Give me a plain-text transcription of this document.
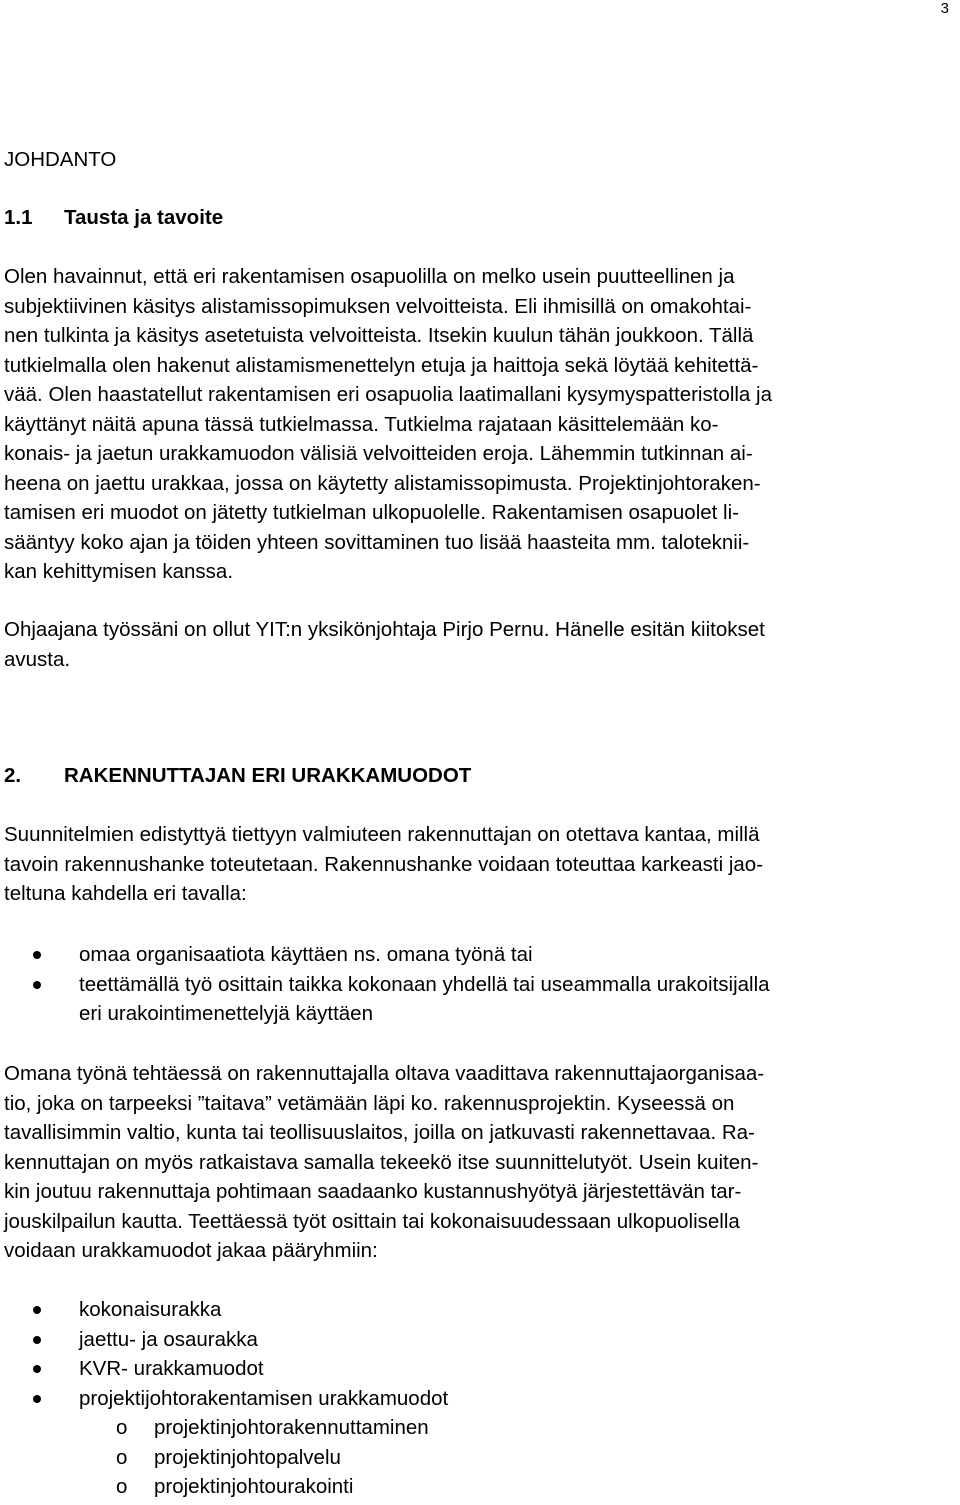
3
JOHDANTO
1.1 Tausta ja tavoite
Olen havainnut, että eri rakentamisen osapuolilla on melko usein puutteellinen ja
subjektiivinen käsitys alistamissopimuksen velvoitteista. Eli ihmisillä on omakohtai-
nen tulkinta ja käsitys asetetuista velvoitteista. Itsekin kuulun tähän joukkoon. Tällä
tutkielmalla olen hakenut alistamismenettelyn etuja ja haittoja sekä löytää kehitettä-
vää. Olen haastatellut rakentamisen eri osapuolia laatimallani kysymyspatteristolla ja
käyttänyt näitä apuna tässä tutkielmassa. Tutkielma rajataan käsittelemään ko-
konais- ja jaetun urakkamuodon välisiä velvoitteiden eroja. Lähemmin tutkinnan ai-
heena on jaettu urakkaa, jossa on käytetty alistamissopimusta. Projektinjohtoraken-
tamisen eri muodot on jätetty tutkielman ulkopuolelle. Rakentamisen osapuolet li-
sääntyy koko ajan ja töiden yhteen sovittaminen tuo lisää haasteita mm. taloteknii-
kan kehittymisen kanssa.
Ohjaajana työssäni on ollut YIT:n yksikönjohtaja Pirjo Pernu. Hänelle esitän kiitokset
avusta.
2. RAKENNUTTAJAN ERI URAKKAMUODOT
Suunnitelmien edistyttyä tiettyyn valmiuteen rakennuttajan on otettava kantaa, millä
tavoin rakennushanke toteutetaan. Rakennushanke voidaan toteuttaa karkeasti jao-
teltuna kahdella eri tavalla:
omaa organisaatiota käyttäen ns. omana työnä tai
teettämällä työ osittain taikka kokonaan yhdellä tai useammalla urakoitsijalla
eri urakointimenettelyjä käyttäen
Omana työnä tehtäessä on rakennuttajalla oltava vaadittava rakennuttajaorganisaa-
tio, joka on tarpeeksi ”taitava” vetämään läpi ko. rakennusprojektin. Kyseessä on
tavallisimmin valtio, kunta tai teollisuuslaitos, joilla on jatkuvasti rakennettavaa. Ra-
kennuttajan on myös ratkaistava samalla tekeekö itse suunnittelutyöt. Usein kuiten-
kin joutuu rakennuttaja pohtimaan saadaanko kustannushyötyä järjestettävän tar-
jouskilpailun kautta. Teettäessä työt osittain tai kokonaisuudessaan ulkopuolisella
voidaan urakkamuodot jakaa pääryhmiin:
kokonaisurakka
jaettu- ja osaurakka
KVR- urakkamuodot
projektijohtorakentamisen urakkamuodot
o projektinjohtorakennuttaminen
o projektinjohtopalvelu
o projektinjohtourakointi
